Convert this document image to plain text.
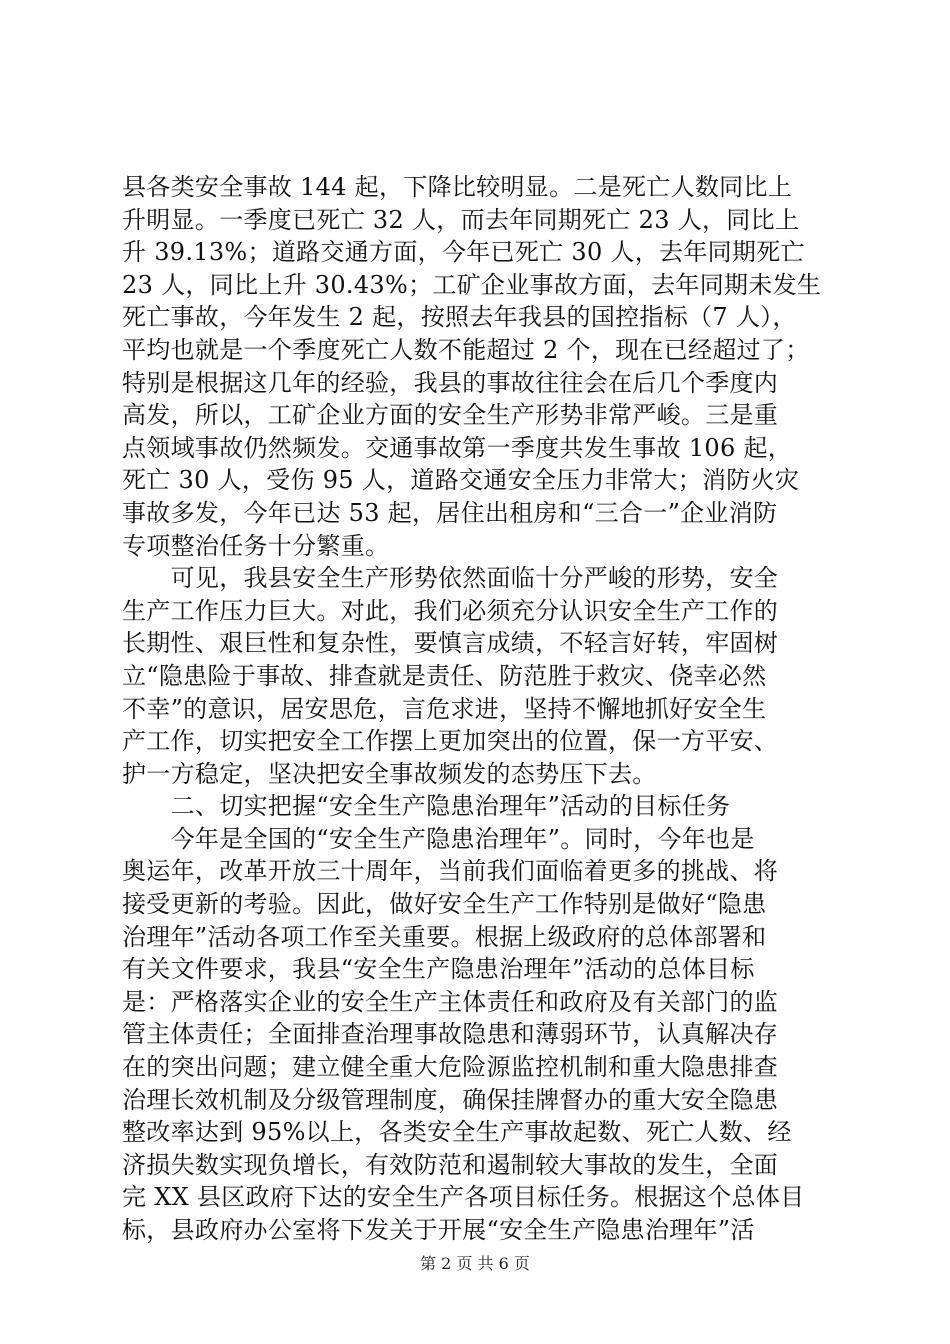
县各类安全事故 144 起，下降比较明显。二是死亡人数同比上
升明显。一季度已死亡 32 人，而去年同期死亡 23 人，同比上
升 39.13%；道路交通方面，今年已死亡 30 人，去年同期死亡
23 人，同比上升 30.43%；工矿企业事故方面，去年同期未发生
死亡事故，今年发生 2 起，按照去年我县的国控指标（7 人），
平均也就是一个季度死亡人数不能超过 2 个，现在已经超过了；
特别是根据这几年的经验，我县的事故往往会在后几个季度内
高发，所以，工矿企业方面的安全生产形势非常严峻。三是重
点领域事故仍然频发。交通事故第一季度共发生事故 106 起，
死亡 30 人，受伤 95 人，道路交通安全压力非常大；消防火灾
事故多发，今年已达 53 起，居住出租房和“三合一”企业消防
专项整治任务十分繁重。
　　可见，我县安全生产形势依然面临十分严峻的形势，安全
生产工作压力巨大。对此，我们必须充分认识安全生产工作的
长期性、艰巨性和复杂性，要慎言成绩，不轻言好转，牢固树
立“隐患险于事故、排查就是责任、防范胜于救灾、侥幸必然
不幸”的意识，居安思危，言危求进，坚持不懈地抓好安全生
产工作，切实把安全工作摆上更加突出的位置，保一方平安、
护一方稳定，坚决把安全事故频发的态势压下去。
　　二、切实把握“安全生产隐患治理年”活动的目标任务
　　今年是全国的“安全生产隐患治理年”。同时，今年也是
奥运年，改革开放三十周年，当前我们面临着更多的挑战、将
接受更新的考验。因此，做好安全生产工作特别是做好“隐患
治理年”活动各项工作至关重要。根据上级政府的总体部署和
有关文件要求，我县“安全生产隐患治理年”活动的总体目标
是：严格落实企业的安全生产主体责任和政府及有关部门的监
管主体责任；全面排查治理事故隐患和薄弱环节，认真解决存
在的突出问题；建立健全重大危险源监控机制和重大隐患排查
治理长效机制及分级管理制度，确保挂牌督办的重大安全隐患
整改率达到 95%以上，各类安全生产事故起数、死亡人数、经
济损失数实现负增长，有效防范和遏制较大事故的发生，全面
完 XX 县区政府下达的安全生产各项目标任务。根据这个总体目
标，县政府办公室将下发关于开展“安全生产隐患治理年”活
第 2 页 共 6 页
